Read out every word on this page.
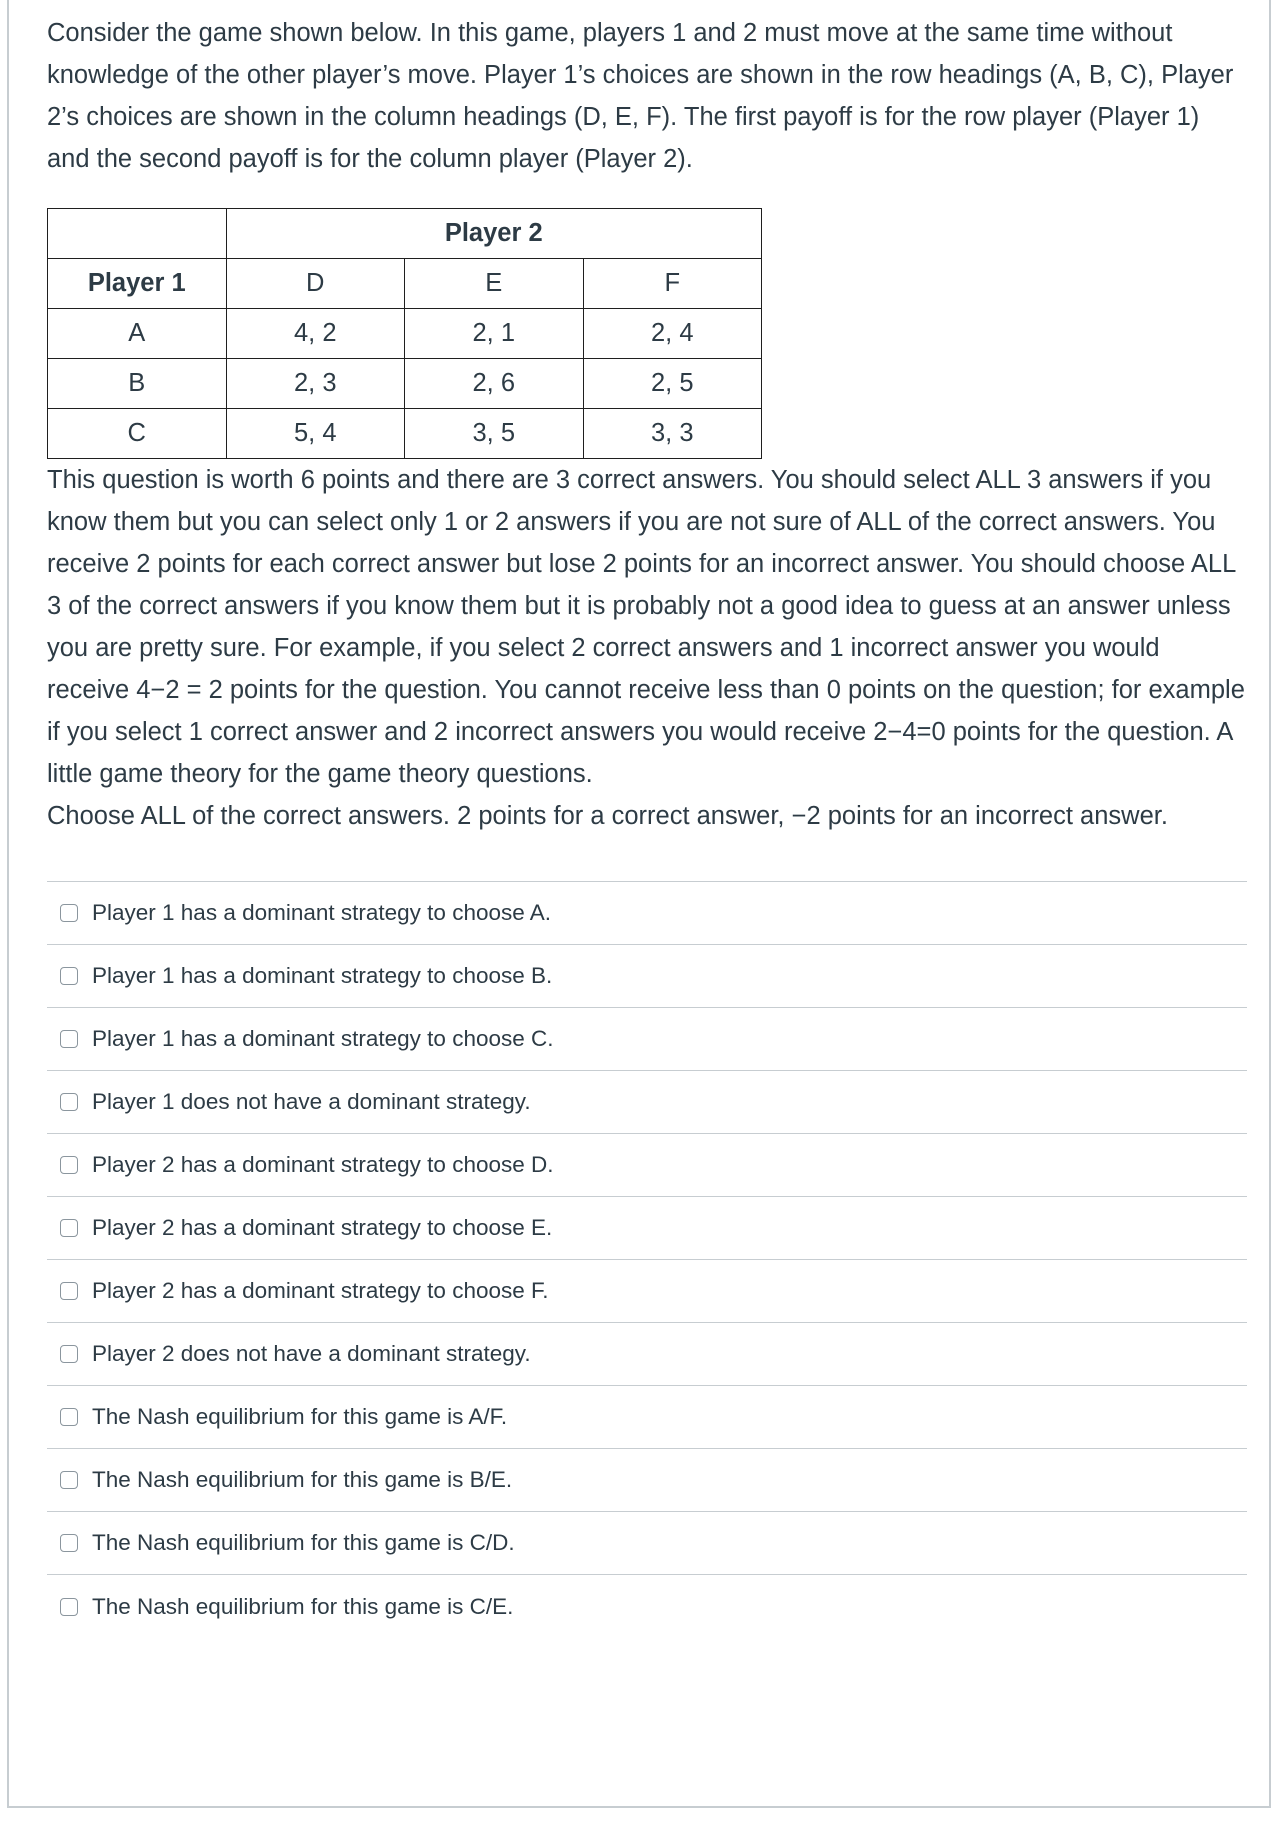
Consider the game shown below. In this game, players 1 and 2 must move at the same time without knowledge of the other player’s move. Player 1’s choices are shown in the row headings (A, B, C), Player 2’s choices are shown in the column headings (D, E, F). The first payoff is for the row player (Player 1) and the second payoff is for the column player (Player 2).

	Player 2		
Player 1	D	E	F
A	4, 2	2, 1	2, 4
B	2, 3	2, 6	2, 5
C	5, 4	3, 5	3, 3

This question is worth 6 points and there are 3 correct answers. You should select ALL 3 answers if you know them but you can select only 1 or 2 answers if you are not sure of ALL of the correct answers. You receive 2 points for each correct answer but lose 2 points for an incorrect answer. You should choose ALL 3 of the correct answers if you know them but it is probably not a good idea to guess at an answer unless you are pretty sure. For example, if you select 2 correct answers and 1 incorrect answer you would receive 4−2 = 2 points for the question. You cannot receive less than 0 points on the question; for example if you select 1 correct answer and 2 incorrect answers you would receive 2−4=0 points for the question. A little game theory for the game theory questions.

Choose ALL of the correct answers. 2 points for a correct answer, −2 points for an incorrect answer.

Player 1 has a dominant strategy to choose A.
Player 1 has a dominant strategy to choose B.
Player 1 has a dominant strategy to choose C.
Player 1 does not have a dominant strategy.
Player 2 has a dominant strategy to choose D.
Player 2 has a dominant strategy to choose E.
Player 2 has a dominant strategy to choose F.
Player 2 does not have a dominant strategy.
The Nash equilibrium for this game is A/F.
The Nash equilibrium for this game is B/E.
The Nash equilibrium for this game is C/D.
The Nash equilibrium for this game is C/E.
